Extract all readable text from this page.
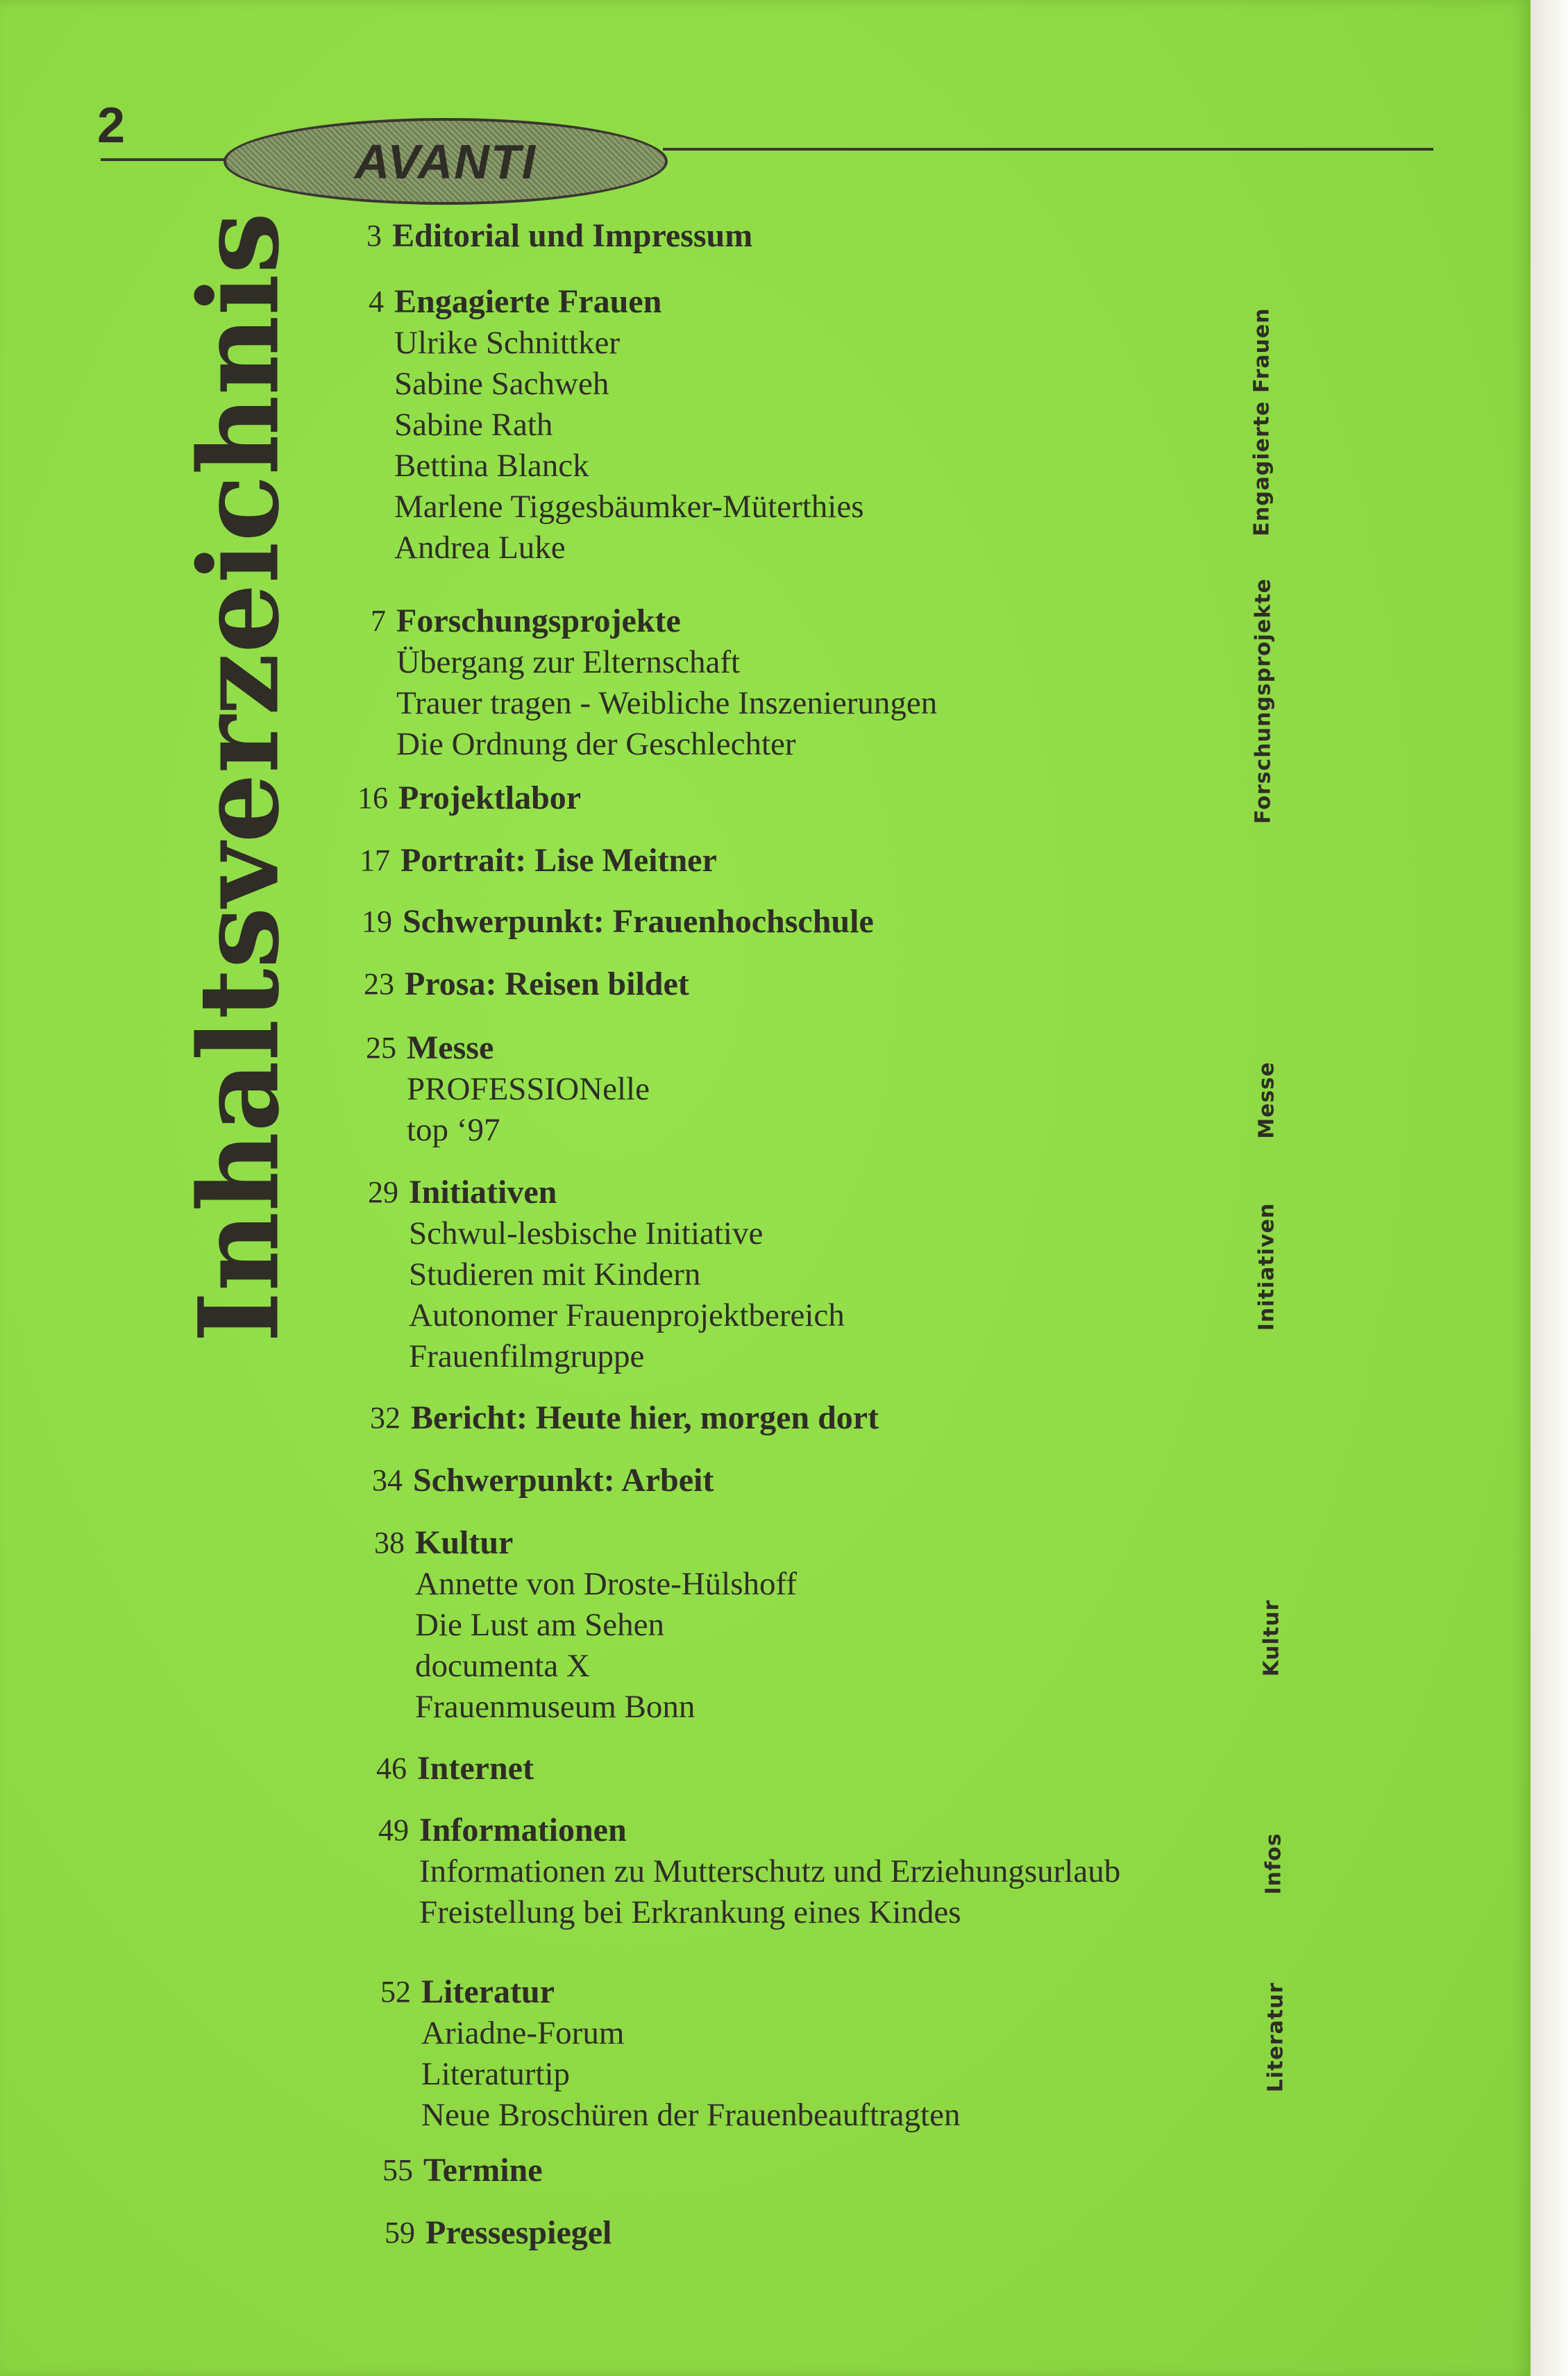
2
AVANTI
Inhaltsverzeichnis	3 Editorial und Impressum
4 Engagierte Frauen
Ulrike Schnittker
Sabine Sachweh
Sabine Rath
Bettina Blanck
Marlene Tiggesbäumker-Müterthies
Andrea Luke
7 Forschungsprojekte
Übergang zur Elternschaft
Trauer tragen - Weibliche Inszenierungen
Die Ordnung der Geschlechter
16 Projektlabor
17 Portrait: Lise Meitner
19 Schwerpunkt: Frauenhochschule
23 Prosa: Reisen bildet
25 Messe
PROFESSIONelle
top ‘97
29 Initiativen
Schwul-lesbische Initiative
Studieren mit Kindern
Autonomer Frauenprojektbereich
Frauenfilmgruppe
32 Bericht: Heute hier, morgen dort
34 Schwerpunkt: Arbeit
38 Kultur
Annette von Droste-Hülshoff
Die Lust am Sehen
documenta X
Frauenmuseum Bonn
46 Internet
49 Informationen
Informationen zu Mutterschutz und Erziehungsurlaub
Freistellung bei Erkrankung eines Kindes
52 Literatur
Ariadne-Forum
Literaturtip
Neue Broschüren der Frauenbeauftragten
55 Termine
59 Pressespiegel
Engagierte Frauen
Forschungsprojekte
Messe
Initiativen
Kultur
Infos
Literatur
